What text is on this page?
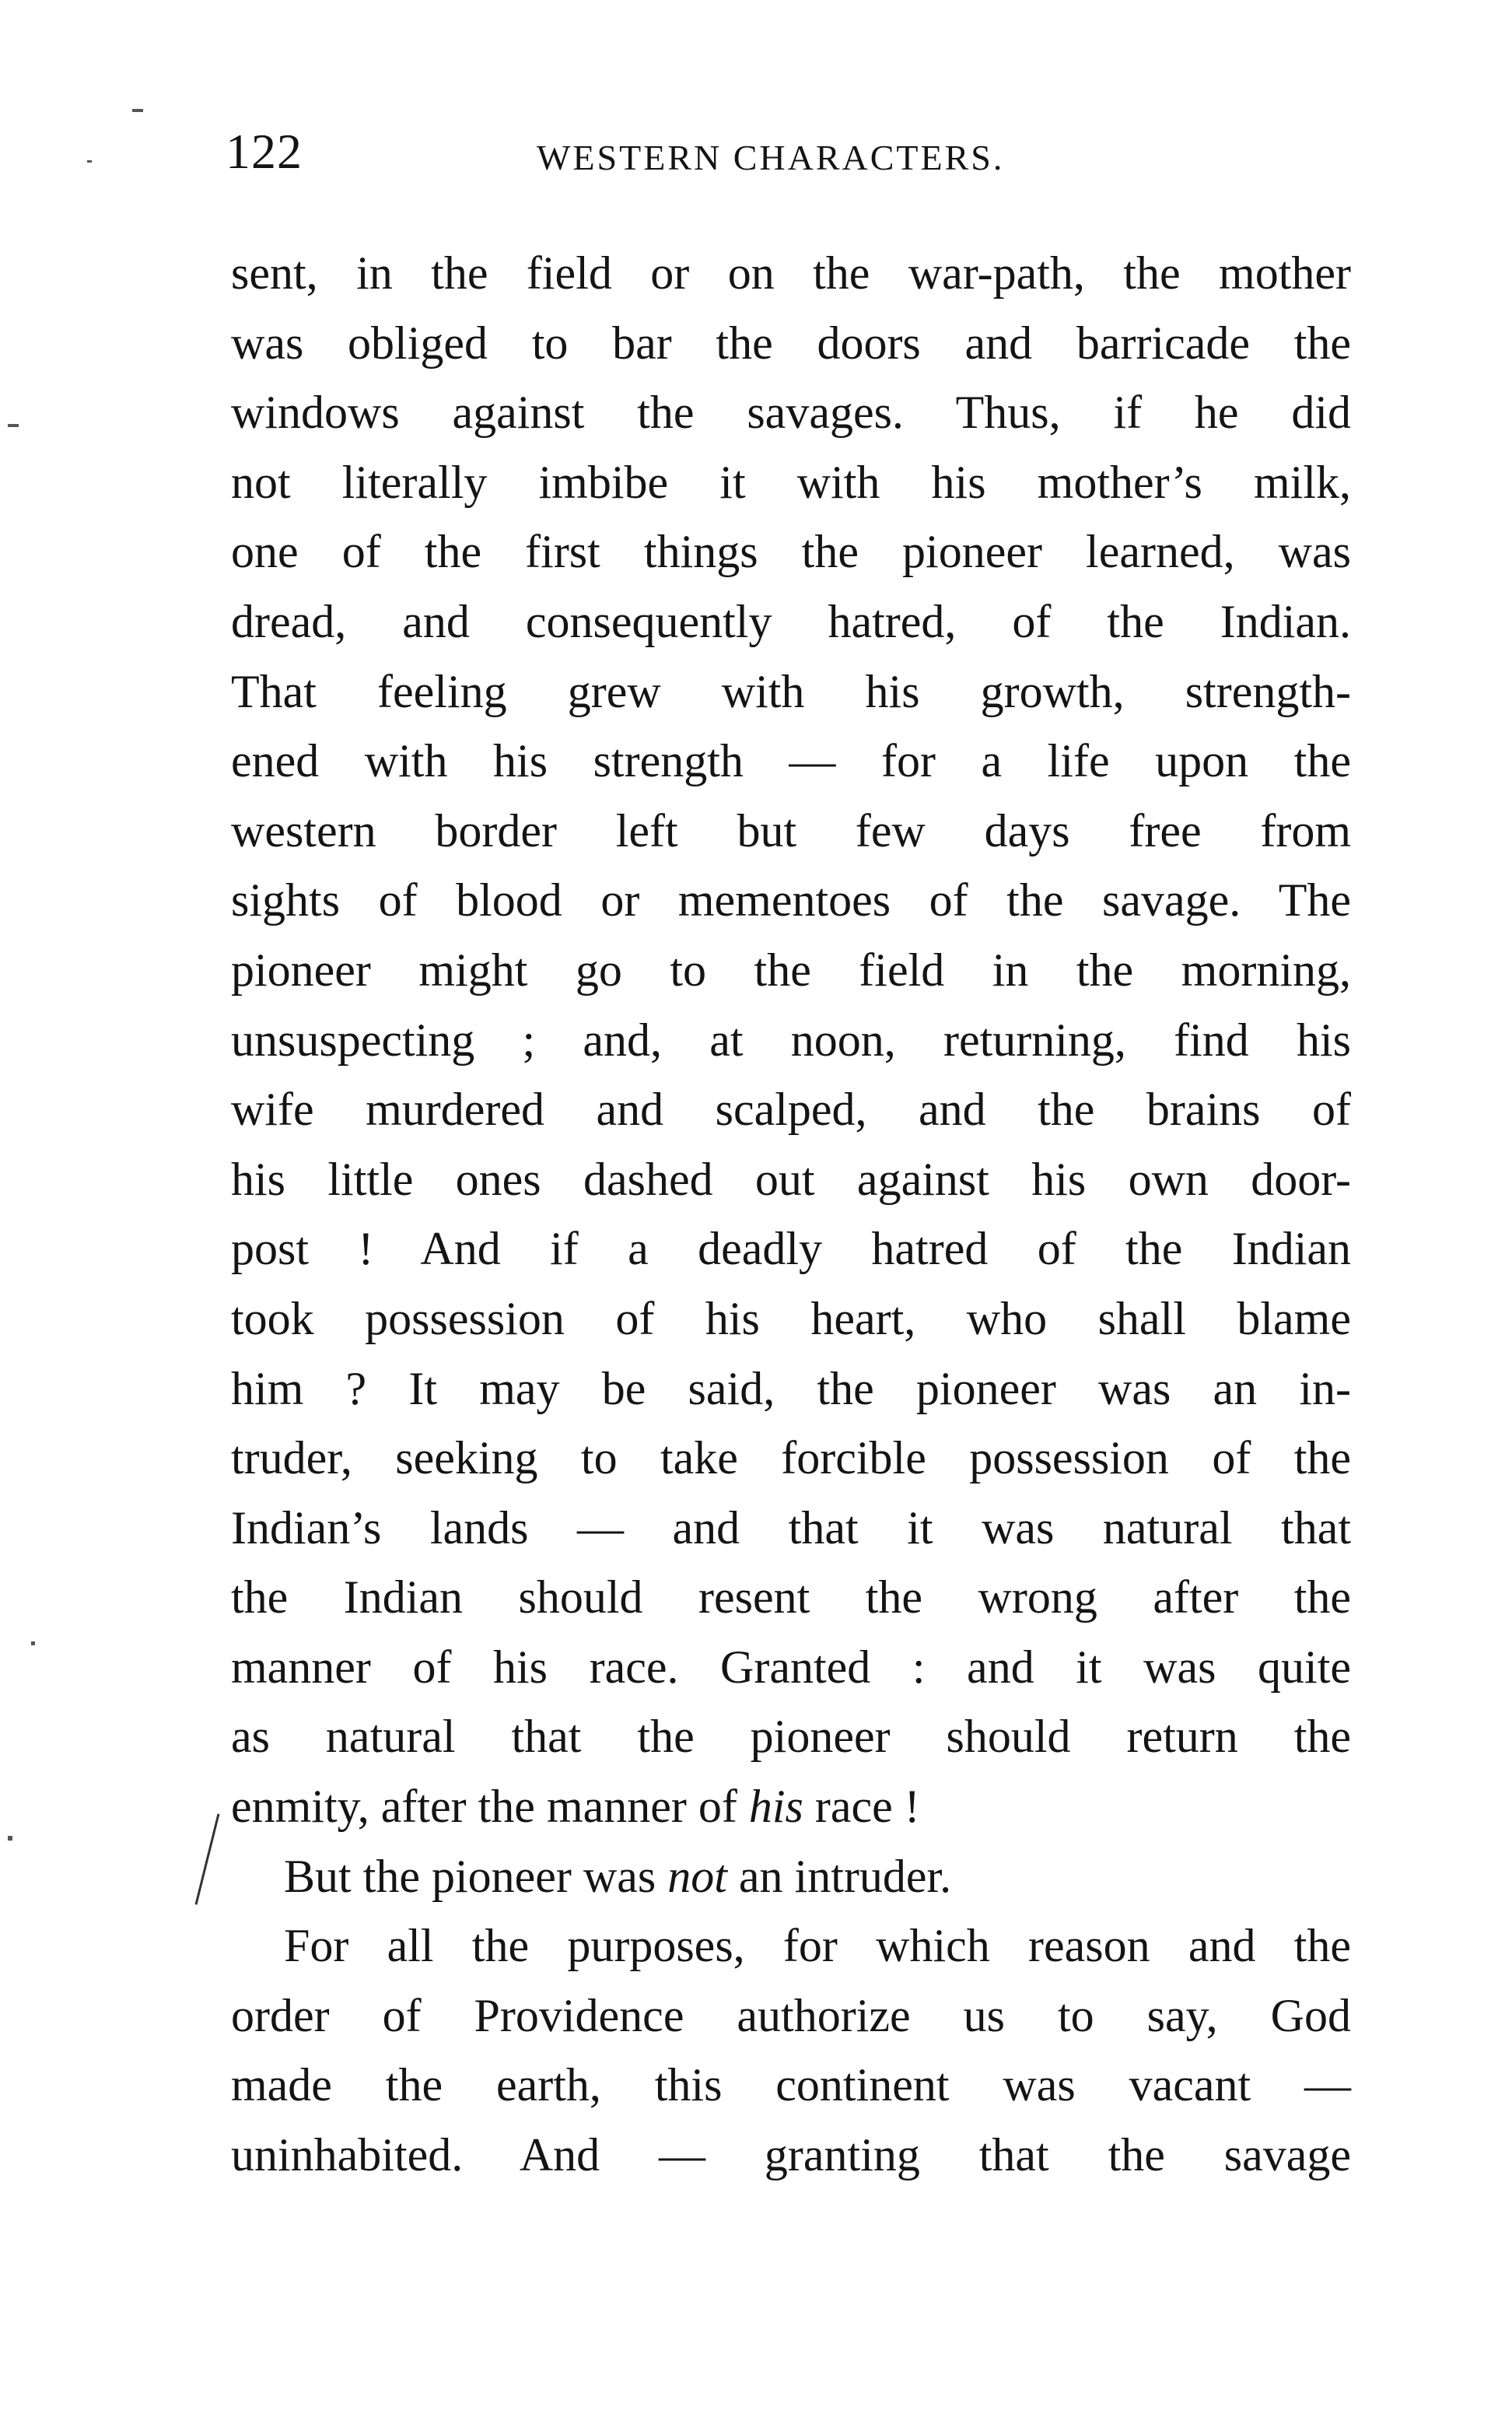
122	WESTERN CHARACTERS.
sent, in the field or on the war-path, the mother
was obliged to bar the doors and barricade the
windows against the savages. Thus, if he did
not literally imbibe it with his mother’s milk,
one of the first things the pioneer learned, was
dread, and consequently hatred, of the Indian.
That feeling grew with his growth, strength-
ened with his strength — for a life upon the
western border left but few days free from
sights of blood or mementoes of the savage. The
pioneer might go to the field in the morning,
unsuspecting ; and, at noon, returning, find his
wife murdered and scalped, and the brains of
his little ones dashed out against his own door-
post ! And if a deadly hatred of the Indian
took possession of his heart, who shall blame
him ? It may be said, the pioneer was an in-
truder, seeking to take forcible possession of the
Indian’s lands — and that it was natural that
the Indian should resent the wrong after the
manner of his race. Granted : and it was quite
as natural that the pioneer should return the
enmity, after the manner of his race !
But the pioneer was not an intruder.
For all the purposes, for which reason and the
order of Providence authorize us to say, God
made the earth, this continent was vacant —
uninhabited. And — granting that the savage
